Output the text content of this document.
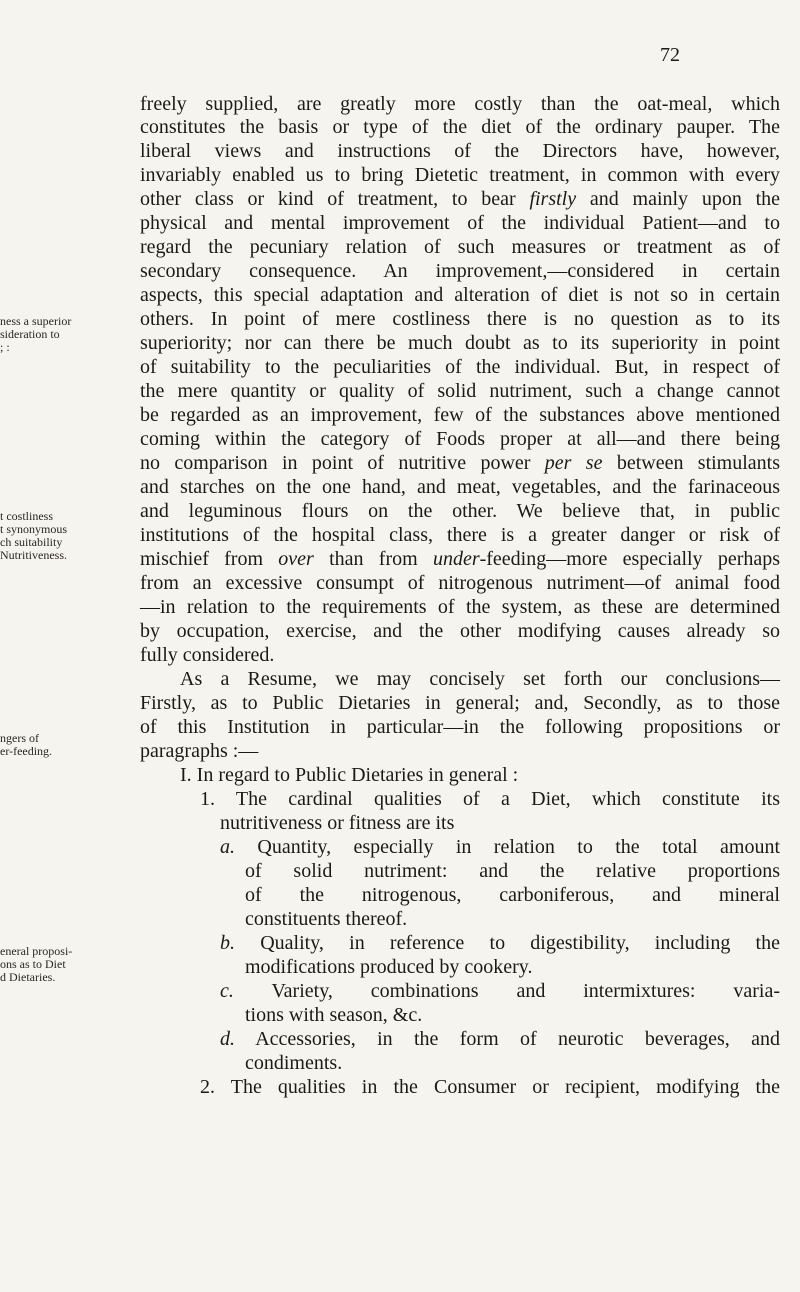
72
ness a superior
sideration to
; :
t costliness
t synonymous
ch suitability
Nutritiveness.
ngers of
er-feeding.
eneral proposi-
ons as to Diet
d Dietaries.
freely supplied, are greatly more costly than the oat-meal, which
constitutes the basis or type of the diet of the ordinary pauper. The
liberal views and instructions of the Directors have, however,
invariably enabled us to bring Dietetic treatment, in common with every
other class or kind of treatment, to bear firstly and mainly upon the
physical and mental improvement of the individual Patient—and to
regard the pecuniary relation of such measures or treatment as of
secondary consequence. An improvement,—considered in certain
aspects, this special adaptation and alteration of diet is not so in certain
others. In point of mere costliness there is no question as to its
superiority; nor can there be much doubt as to its superiority in point
of suitability to the peculiarities of the individual. But, in respect of
the mere quantity or quality of solid nutriment, such a change cannot
be regarded as an improvement, few of the substances above mentioned
coming within the category of Foods proper at all—and there being
no comparison in point of nutritive power per se between stimulants
and starches on the one hand, and meat, vegetables, and the farinaceous
and leguminous flours on the other. We believe that, in public
institutions of the hospital class, there is a greater danger or risk of
mischief from over than from under-feeding—more especially perhaps
from an excessive consumpt of nitrogenous nutriment—of animal food
—in relation to the requirements of the system, as these are determined
by occupation, exercise, and the other modifying causes already so
fully considered.
As a Resume, we may concisely set forth our conclusions—
Firstly, as to Public Dietaries in general; and, Secondly, as to those
of this Institution in particular—in the following propositions or
paragraphs :—
I. In regard to Public Dietaries in general :
1. The cardinal qualities of a Diet, which constitute its
nutritiveness or fitness are its
a. Quantity, especially in relation to the total amount
of solid nutriment: and the relative proportions
of the nitrogenous, carboniferous, and mineral
constituents thereof.
b. Quality, in reference to digestibility, including the
modifications produced by cookery.
c. Variety, combinations and intermixtures: varia-
tions with season, &c.
d. Accessories, in the form of neurotic beverages, and
condiments.
2. The qualities in the Consumer or recipient, modifying the
